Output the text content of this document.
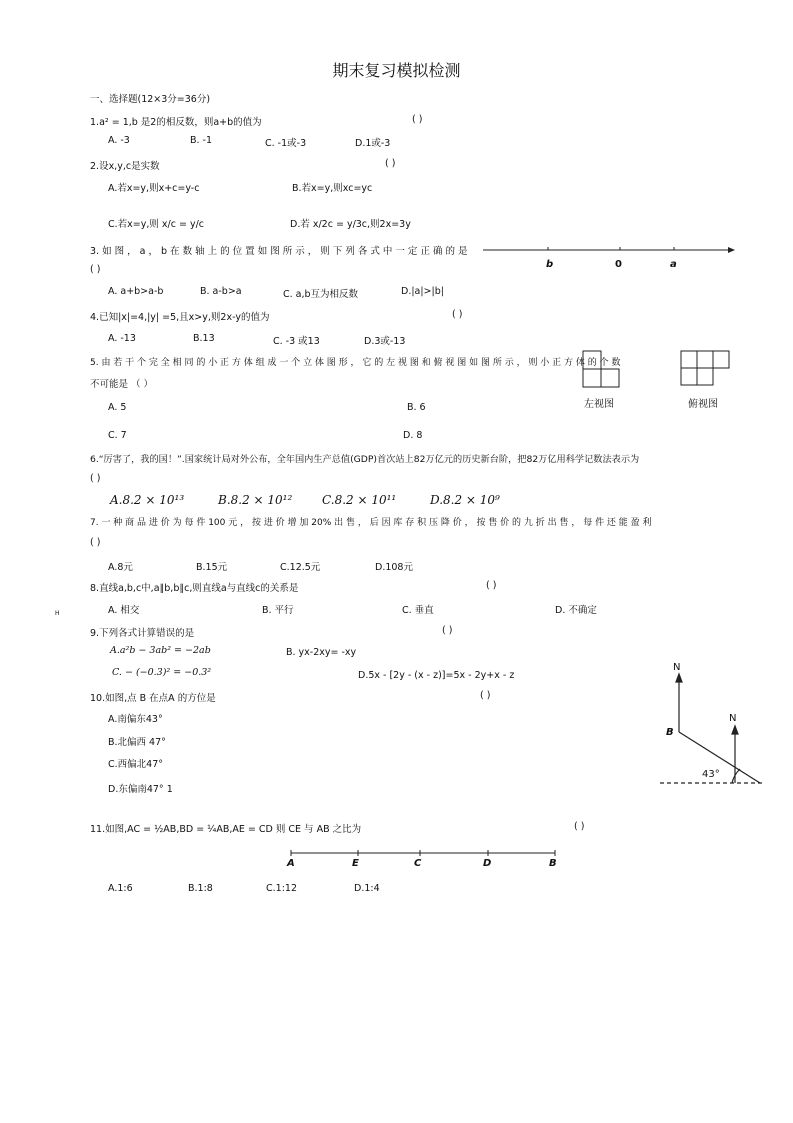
期末复习模拟检测
一、选择题(12×3分=36分)
1.a² = 1,b 是2的相反数，则a+b的值为	( )
A. -3	B. -1	C. -1或-3	D.1或-3
2.设x,y,c是实数	( )
A.若x=y,则x+c=y-c	B.若x=y,则xc=yc
C.若x=y,则 x/c = y/c	D.若 x/2c = y/3c,则2x=3y
3. 如 图 ， a ， b 在 数 轴 上 的 位 置 如 图 所 示 ， 则 下 列 各 式 中 一 定 正 确 的 是
( )
A. a+b>a-b	B. a-b>a	C. a,b互为相反数	D.|a|>|b|
b	0	a
4.已知|x|=4,|y| =5,且x>y,则2x-y的值为	( )
A. -13	B.13	C. -3 或13	D.3或-13
5. 由 若 干 个 完 全 相 同 的 小 正 方 体 组 成 一 个 立 体 图 形 ， 它 的 左 视 图 和 俯 视 图 如 图 所 示 ， 则 小 正 方 体 的 个 数
不可能是 （ ）
左视图	俯视图
A. 5	B. 6
C. 7	D. 8
6.“厉害了，我的国！”.国家统计局对外公布，全年国内生产总值(GDP)首次站上82万亿元的历史新台阶，把82万亿用科学记数法表示为
( )
A.8.2 × 10¹³	B.8.2 × 10¹² C.8.2 × 10¹¹	D.8.2 × 10⁹
7. 一 种 商 品 进 价 为 每 件 100 元 ， 按 进 价 增 加 20% 出 售 ， 后 因 库 存 积 压 降 价 ， 按 售 价 的 九 折 出 售 ， 每 件 还 能 盈 利
( )
A.8元	B.15元	C.12.5元	D.108元
8.直线a,b,c中,a∥b,b∥c,则直线a与直线c的关系是	( )
A. 相交	B. 平行	C. 垂直	D. 不确定
H
9.下列各式计算错误的是	( )
A.a²b − 3ab² = −2ab	B. yx-2xy= -xy
C. − (−0.3)² = −0.3²	D.5x - [2y - (x - z)]=5x - 2y+x - z
N
N
B
43°
10.如图,点 B 在点A 的方位是	( )
A.南偏东43°
B.北偏西 47°
C.西偏北47°
D.东偏南47° 1
11.如图,AC = ½AB,BD = ¼AB,AE = CD 则 CE 与 AB 之比为	( )
A	E	C	D	B
A.1:6	B.1:8	C.1:12	D.1:4
